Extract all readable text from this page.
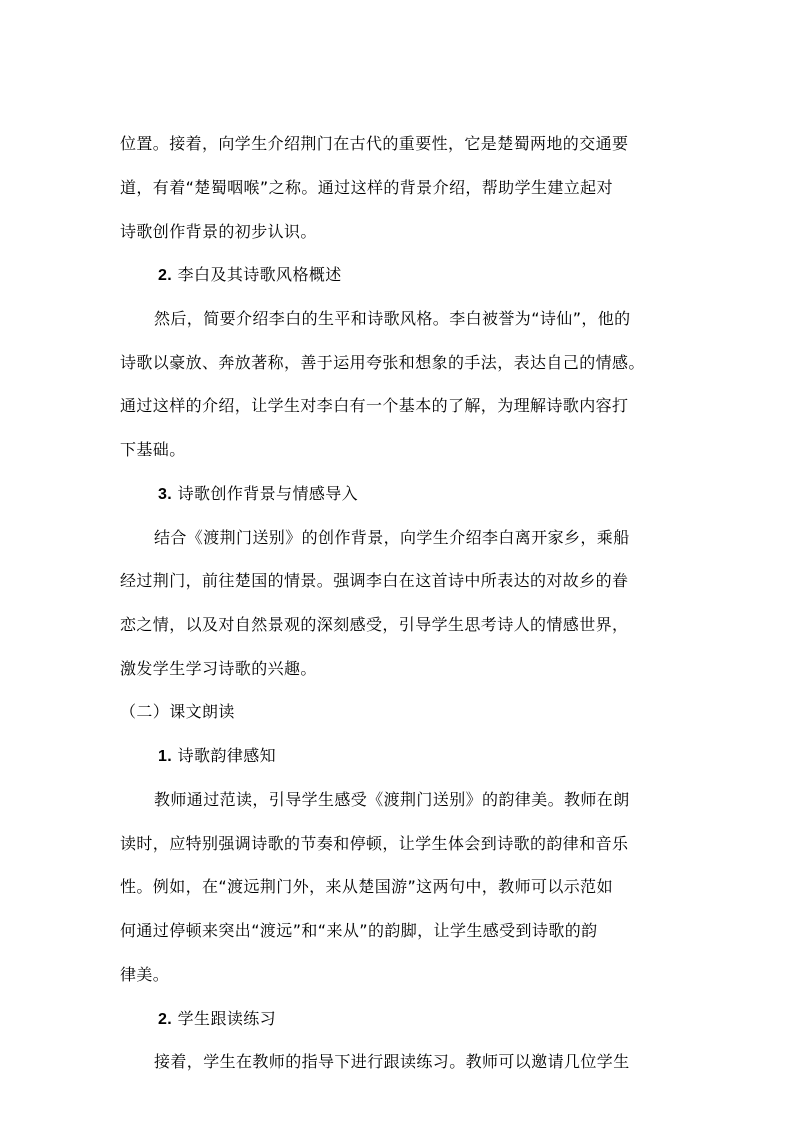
位置。接着，向学生介绍荆门在古代的重要性，它是楚蜀两地的交通要
道，有着“楚蜀咽喉”之称。通过这样的背景介绍，帮助学生建立起对
诗歌创作背景的初步认识。
2. 李白及其诗歌风格概述
然后，简要介绍李白的生平和诗歌风格。李白被誉为“诗仙”，他的
诗歌以豪放、奔放著称，善于运用夸张和想象的手法，表达自己的情感。
通过这样的介绍，让学生对李白有一个基本的了解，为理解诗歌内容打
下基础。
3. 诗歌创作背景与情感导入
结合《渡荆门送别》的创作背景，向学生介绍李白离开家乡，乘船
经过荆门，前往楚国的情景。强调李白在这首诗中所表达的对故乡的眷
恋之情，以及对自然景观的深刻感受，引导学生思考诗人的情感世界，
激发学生学习诗歌的兴趣。
（二）课文朗读
1. 诗歌韵律感知
教师通过范读，引导学生感受《渡荆门送别》的韵律美。教师在朗
读时，应特别强调诗歌的节奏和停顿，让学生体会到诗歌的韵律和音乐
性。例如，在“渡远荆门外，来从楚国游”这两句中，教师可以示范如
何通过停顿来突出“渡远”和“来从”的韵脚，让学生感受到诗歌的韵
律美。
2. 学生跟读练习
接着，学生在教师的指导下进行跟读练习。教师可以邀请几位学生
